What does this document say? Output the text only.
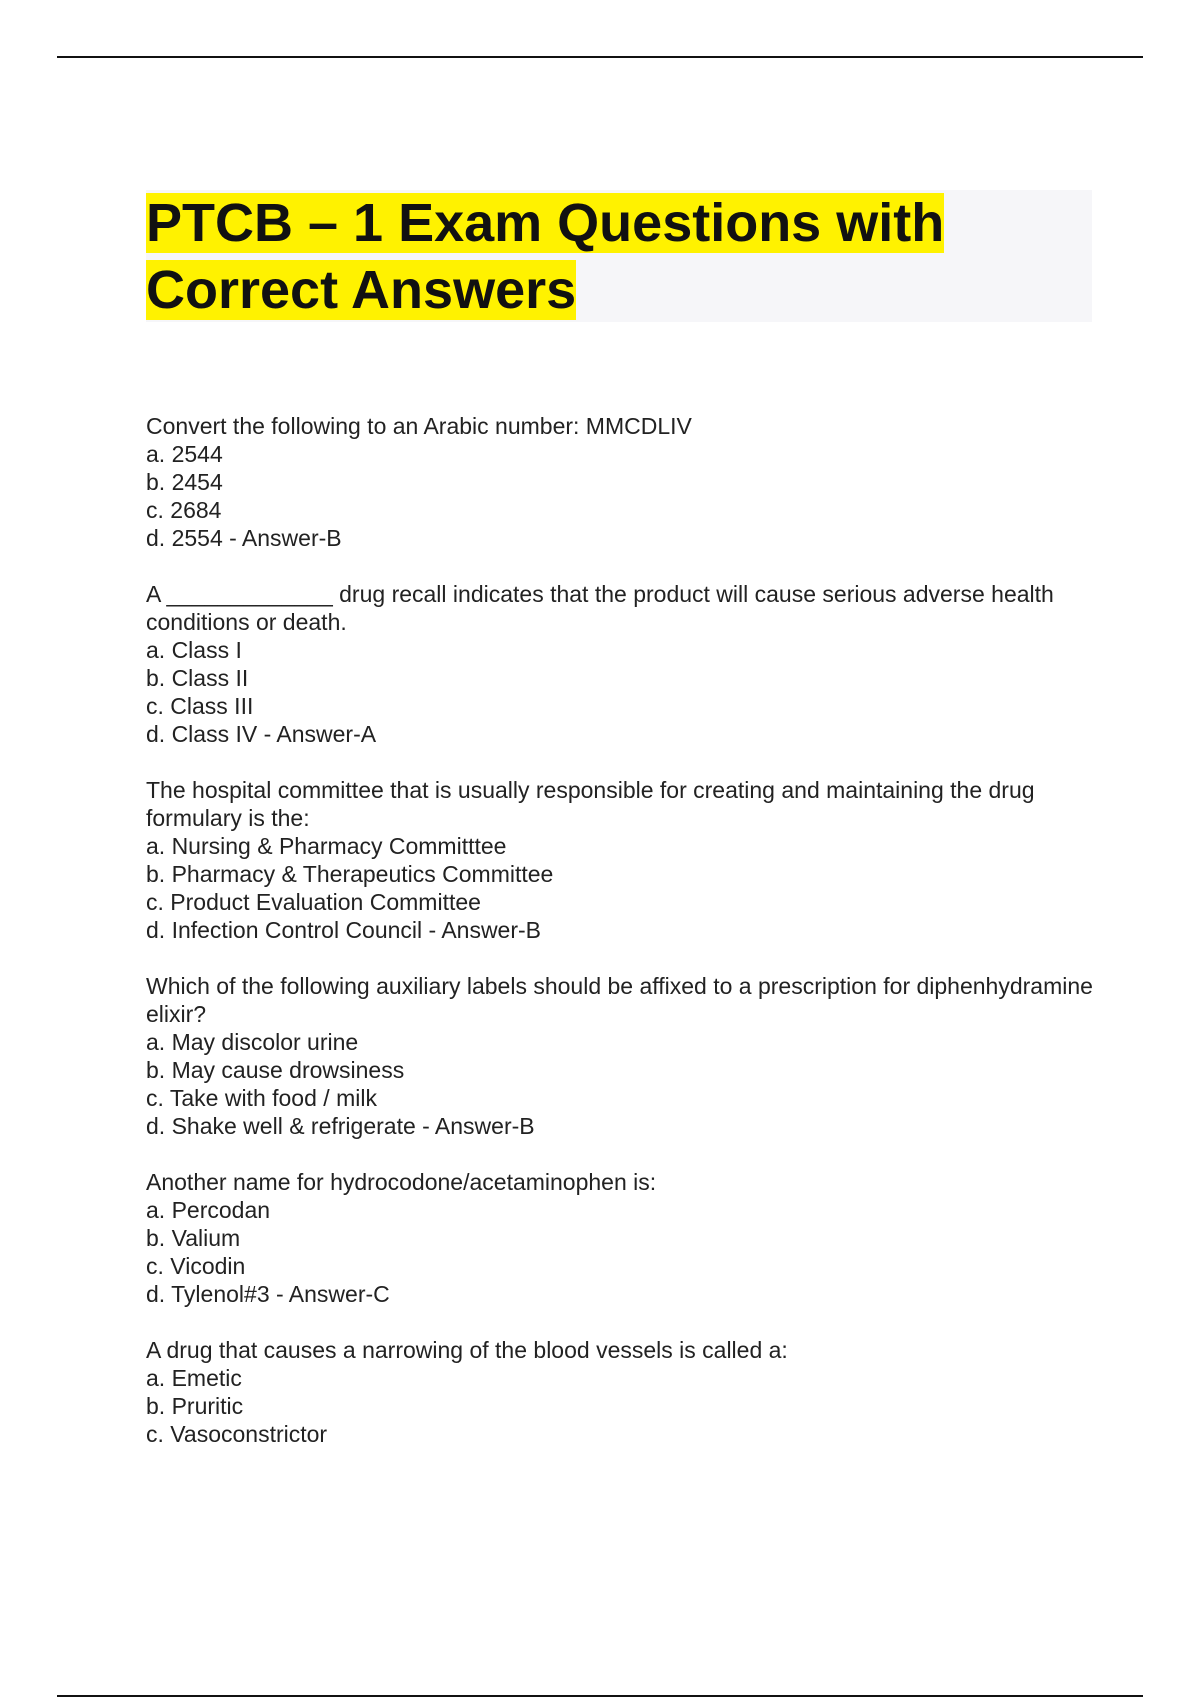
PTCB – 1 Exam Questions with
Correct Answers
Convert the following to an Arabic number: MMCDLIV
a. 2544
b. 2454
c. 2684
d. 2554 - Answer-B
A _____________ drug recall indicates that the product will cause serious adverse health conditions or death.
a. Class I
b. Class II
c. Class III
d. Class IV - Answer-A
The hospital committee that is usually responsible for creating and maintaining the drug formulary is the:
a. Nursing & Pharmacy Committtee
b. Pharmacy & Therapeutics Committee
c. Product Evaluation Committee
d. Infection Control Council - Answer-B
Which of the following auxiliary labels should be affixed to a prescription for diphenhydramine elixir?
a. May discolor urine
b. May cause drowsiness
c. Take with food / milk
d. Shake well & refrigerate - Answer-B
Another name for hydrocodone/acetaminophen is:
a. Percodan
b. Valium
c. Vicodin
d. Tylenol#3 - Answer-C
A drug that causes a narrowing of the blood vessels is called a:
a. Emetic
b. Pruritic
c. Vasoconstrictor
